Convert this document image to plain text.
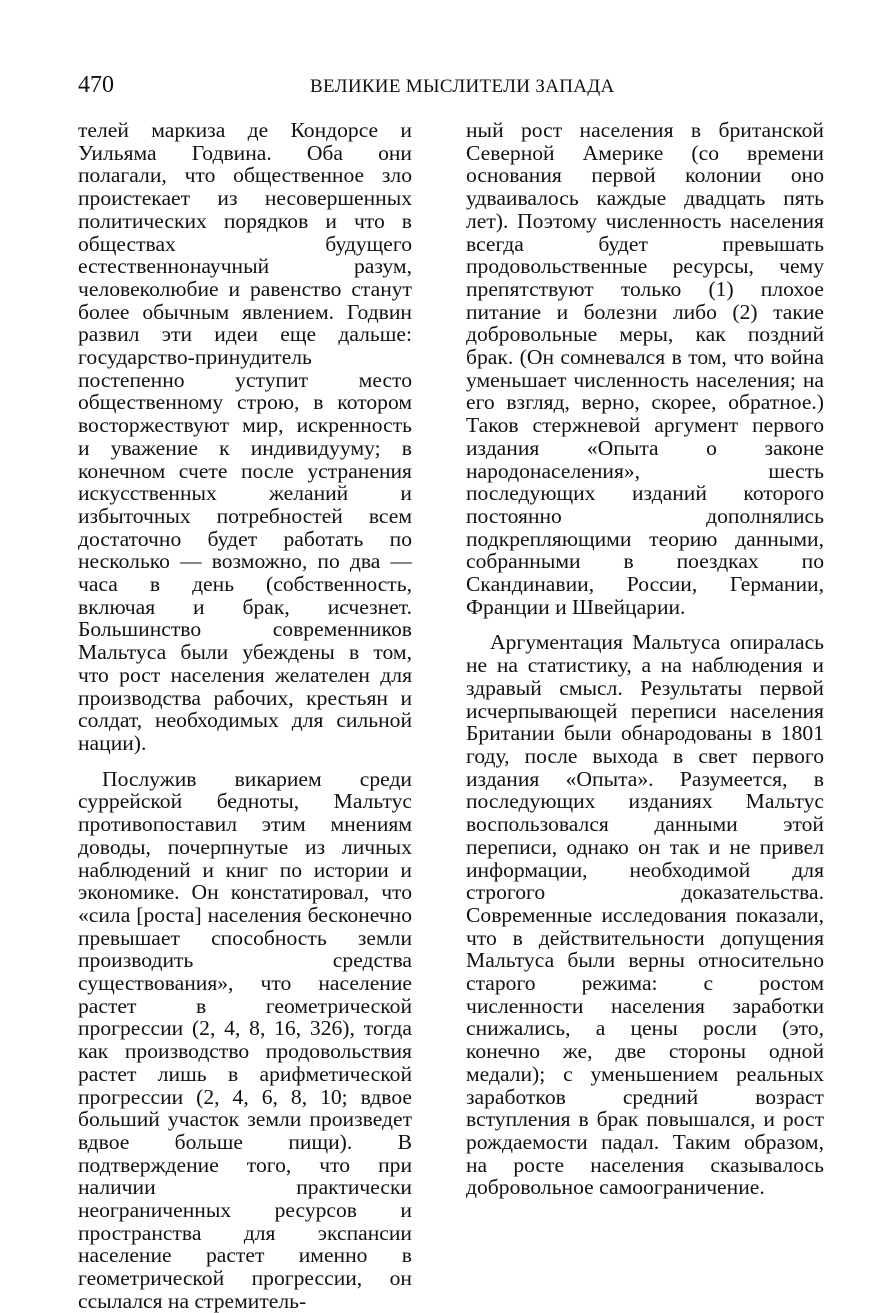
470	ВЕЛИКИЕ МЫСЛИТЕЛИ ЗАПАДА

телей маркиза де Кондорсе и Уильяма Годвина. Оба они полагали, что общественное зло проистекает из несовершенных политических порядков и что в обществах будущего естественнонаучный разум, человеколюбие и равенство станут более обычным явлением. Годвин развил эти идеи еще дальше: государство-принудитель постепенно уступит место общественному строю, в котором восторжествуют мир, искренность и уважение к индивидууму; в конечном счете после устранения искусственных желаний и избыточных потребностей всем достаточно будет работать по несколько — возможно, по два — часа в день (собственность, включая и брак, исчезнет. Большинство современников Мальтуса были убеждены в том, что рост населения желателен для производства рабочих, крестьян и солдат, необходимых для сильной нации).

Послужив викарием среди суррейской бедноты, Мальтус противопоставил этим мнениям доводы, почерпнутые из личных наблюдений и книг по истории и экономике. Он констатировал, что «сила [роста] населения бесконечно превышает способность земли производить средства существования», что население растет в геометрической прогрессии (2, 4, 8, 16, 326), тогда как производство продовольствия растет лишь в арифметической прогрессии (2, 4, 6, 8, 10; вдвое больший участок земли произведет вдвое больше пищи). В подтверждение того, что при наличии практически неограниченных ресурсов и пространства для экспансии население растет именно в геометрической прогрессии, он ссылался на стремитель-

ный рост населения в британской Северной Америке (со времени основания первой колонии оно удваивалось каждые двадцать пять лет). Поэтому численность населения всегда будет превышать продовольственные ресурсы, чему препятствуют только (1) плохое питание и болезни либо (2) такие добровольные меры, как поздний брак. (Он сомневался в том, что война уменьшает численность населения; на его взгляд, верно, скорее, обратное.) Таков стержневой аргумент первого издания «Опыта о законе народонаселения», шесть последующих изданий которого постоянно дополнялись подкрепляющими теорию данными, собранными в поездках по Скандинавии, России, Германии, Франции и Швейцарии.

Аргументация Мальтуса опиралась не на статистику, а на наблюдения и здравый смысл. Результаты первой исчерпывающей переписи населения Британии были обнародованы в 1801 году, после выхода в свет первого издания «Опыта». Разумеется, в последующих изданиях Мальтус воспользовался данными этой переписи, однако он так и не привел информации, необходимой для строгого доказательства. Современные исследования показали, что в действительности допущения Мальтуса были верны относительно старого режима: с ростом численности населения заработки снижались, а цены росли (это, конечно же, две стороны одной медали); с уменьшением реальных заработков средний возраст вступления в брак повышался, и рост рождаемости падал. Таким образом, на росте населения сказывалось добровольное самоограничение.
